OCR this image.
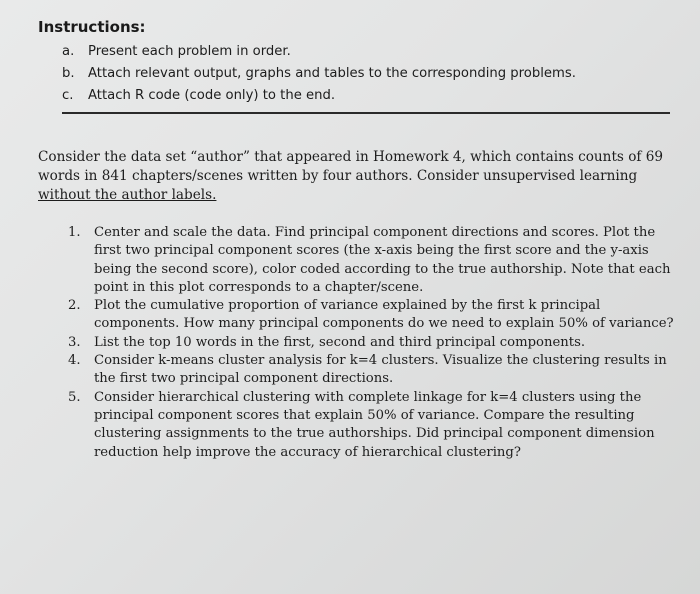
Instructions:
a. Present each problem in order.
b. Attach relevant output, graphs and tables to the corresponding problems.
c. Attach R code (code only) to the end.
Consider the data set “author” that appeared in Homework 4, which contains counts of 69
words in 841 chapters/scenes written by four authors. Consider unsupervised learning
without the author labels.
1.	Center and scale the data. Find principal component directions and scores. Plot the first two principal component scores (the x-axis being the first score and the y-axis being the second score), color coded according to the true authorship. Note that each point in this plot corresponds to a chapter/scene.
2.	Plot the cumulative proportion of variance explained by the first k principal components. How many principal components do we need to explain 50% of variance?
3.	List the top 10 words in the first, second and third principal components.
4.	Consider k-means cluster analysis for k=4 clusters. Visualize the clustering results in the first two principal component directions.
5.	Consider hierarchical clustering with complete linkage for k=4 clusters using the principal component scores that explain 50% of variance. Compare the resulting clustering assignments to the true authorships. Did principal component dimension reduction help improve the accuracy of hierarchical clustering?
